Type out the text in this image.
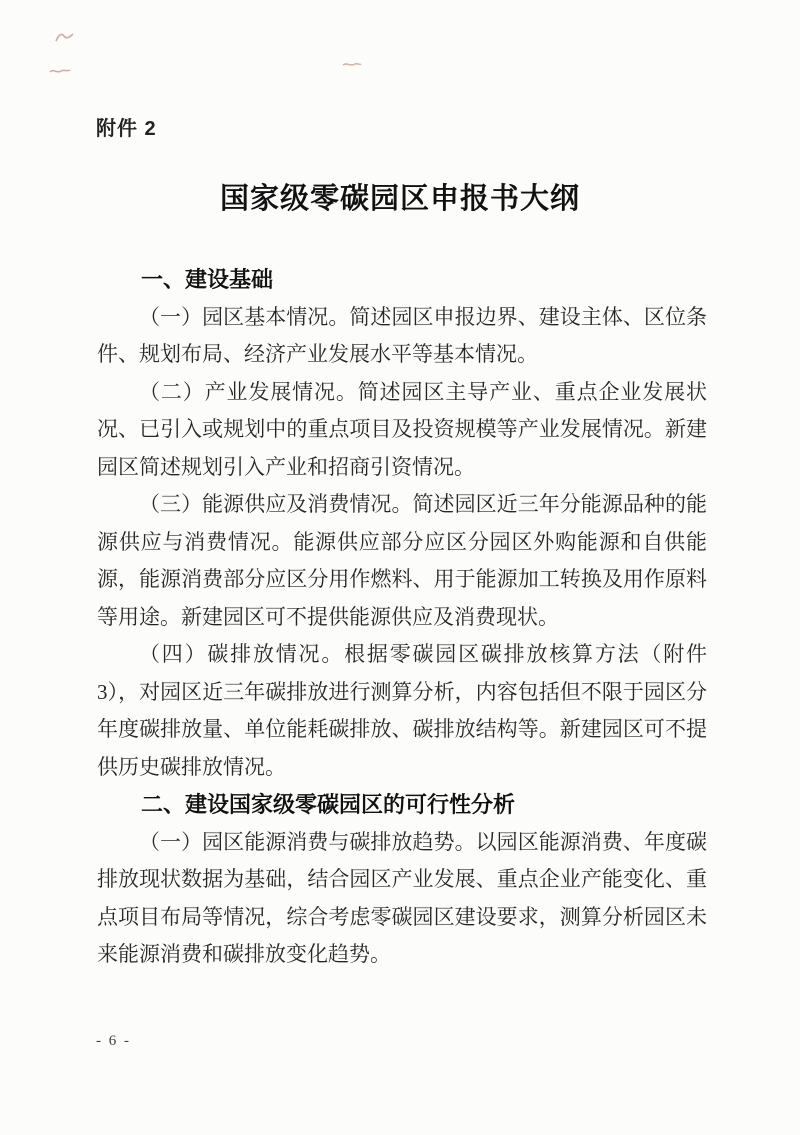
附件 2
国家级零碳园区申报书大纲
一、建设基础

（一）园区基本情况。简述园区申报边界、建设主体、区位条件、规划布局、经济产业发展水平等基本情况。

（二）产业发展情况。简述园区主导产业、重点企业发展状况、已引入或规划中的重点项目及投资规模等产业发展情况。新建园区简述规划引入产业和招商引资情况。

（三）能源供应及消费情况。简述园区近三年分能源品种的能源供应与消费情况。能源供应部分应区分园区外购能源和自供能源，能源消费部分应区分用作燃料、用于能源加工转换及用作原料等用途。新建园区可不提供能源供应及消费现状。

（四）碳排放情况。根据零碳园区碳排放核算方法（附件 3），对园区近三年碳排放进行测算分析，内容包括但不限于园区分年度碳排放量、单位能耗碳排放、碳排放结构等。新建园区可不提供历史碳排放情况。

二、建设国家级零碳园区的可行性分析

（一）园区能源消费与碳排放趋势。以园区能源消费、年度碳排放现状数据为基础，结合园区产业发展、重点企业产能变化、重点项目布局等情况，综合考虑零碳园区建设要求，测算分析园区未来能源消费和碳排放变化趋势。

- 6 -
